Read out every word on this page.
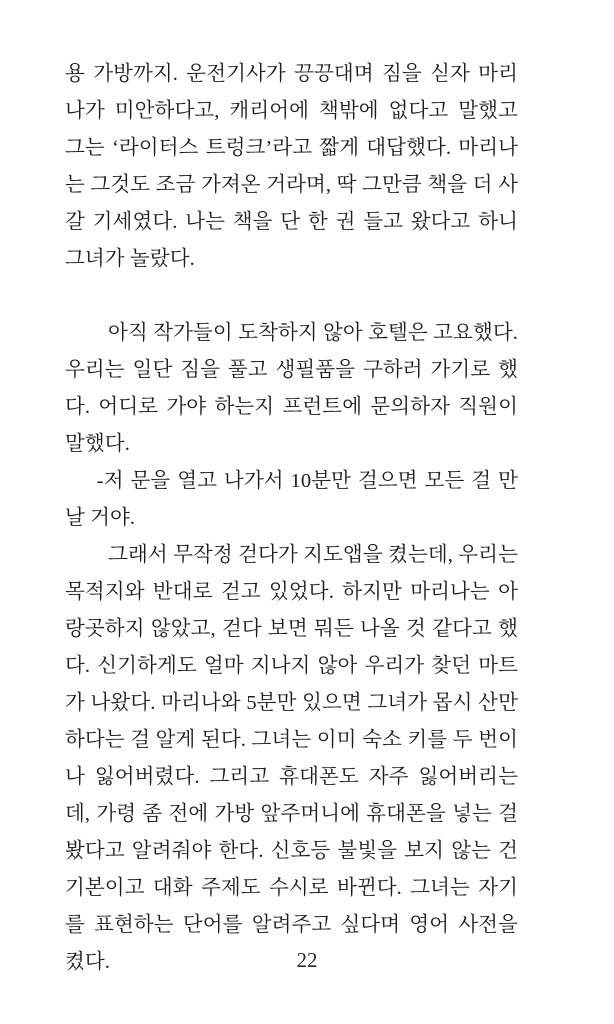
용 가방까지. 운전기사가 끙끙대며 짐을 싣자 마리나가 미안하다고, 캐리어에 책밖에 없다고 말했고 그는 ‘라이터스 트렁크’라고 짧게 대답했다. 마리나는 그것도 조금 가져온 거라며, 딱 그만큼 책을 더 사갈 기세였다. 나는 책을 단 한 권 들고 왔다고 하니 그녀가 놀랐다.

아직 작가들이 도착하지 않아 호텔은 고요했다. 우리는 일단 짐을 풀고 생필품을 구하러 가기로 했다. 어디로 가야 하는지 프런트에 문의하자 직원이 말했다.

-저 문을 열고 나가서 10분만 걸으면 모든 걸 만날 거야.

그래서 무작정 걷다가 지도앱을 켰는데, 우리는 목적지와 반대로 걷고 있었다. 하지만 마리나는 아랑곳하지 않았고, 걷다 보면 뭐든 나올 것 같다고 했다. 신기하게도 얼마 지나지 않아 우리가 찾던 마트가 나왔다. 마리나와 5분만 있으면 그녀가 몹시 산만하다는 걸 알게 된다. 그녀는 이미 숙소 키를 두 번이나 잃어버렸다. 그리고 휴대폰도 자주 잃어버리는데, 가령 좀 전에 가방 앞주머니에 휴대폰을 넣는 걸 봤다고 알려줘야 한다. 신호등 불빛을 보지 않는 건 기본이고 대화 주제도 수시로 바뀐다. 그녀는 자기를 표현하는 단어를 알려주고 싶다며 영어 사전을 켰다.	22
